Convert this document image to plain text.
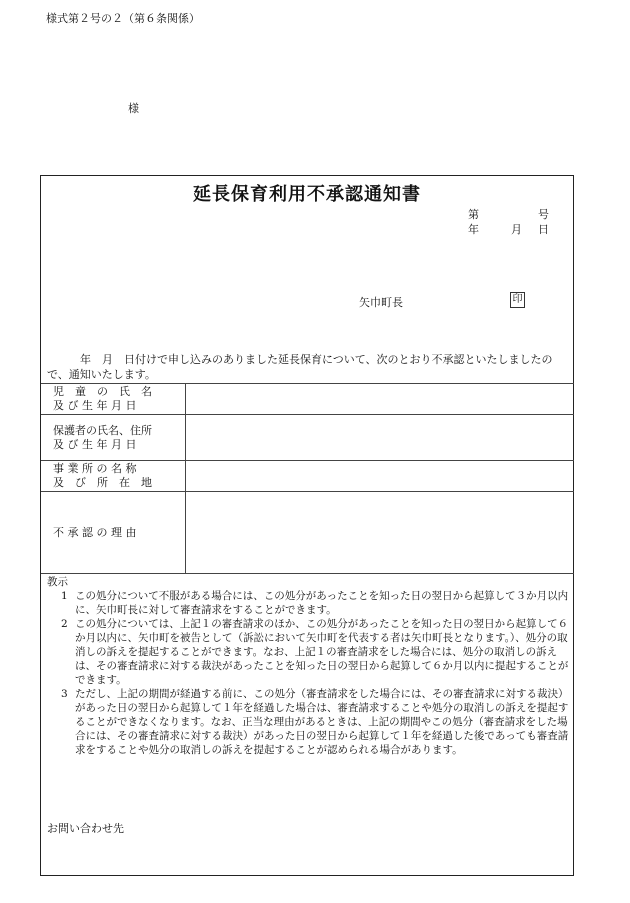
様式第２号の２（第６条関係）
様
延長保育利用不承認通知書
第	号
年	月 日
矢巾町長	印
　　　年　月　日付けで申し込みのありました延長保育について、次のとおり不承認といたしましたので、通知いたします。
児　童　の　氏　名
及 び 生 年 月 日	

保護者の氏名、住所
及 び 生 年 月 日	

事 業 所 の 名 称
及　び　所　在　地	

不 承 認 の 理 由	

教示

1 この処分について不服がある場合には、この処分があったことを知った日の翌日から起算して３か月以内に、矢巾町長に対して審査請求をすることができます。

2 この処分については、上記１の審査請求のほか、この処分があったことを知った日の翌日から起算して６か月以内に、矢巾町を被告として（訴訟において矢巾町を代表する者は矢巾町長となります。）、処分の取消しの訴えを提起することができます。なお、上記１の審査請求をした場合には、処分の取消しの訴えは、その審査請求に対する裁決があったことを知った日の翌日から起算して６か月以内に提起することができます。

3 ただし、上記の期間が経過する前に、この処分（審査請求をした場合には、その審査請求に対する裁決）があった日の翌日から起算して１年を経過した場合は、審査請求することや処分の取消しの訴えを提起することができなくなります。なお、正当な理由があるときは、上記の期間やこの処分（審査請求をした場合には、その審査請求に対する裁決）があった日の翌日から起算して１年を経過した後であっても審査請求をすることや処分の取消しの訴えを提起することが認められる場合があります。

お問い合わせ先
